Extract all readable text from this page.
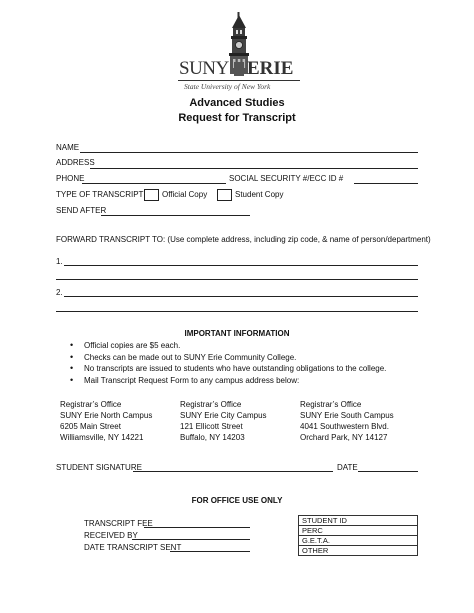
SUNY ERIE
State University of New York
Advanced Studies
Request for Transcript
NAME
ADDRESS
PHONE	SOCIAL SECURITY #/ECC ID #
TYPE OF TRANSCRIPT Official Copy	Student Copy
SEND AFTER
FORWARD TRANSCRIPT TO: (Use complete address, including zip code, & name of person/department)
1.
2.
IMPORTANT INFORMATION
• Official copies are $5 each.
• Checks can be made out to SUNY Erie Community College.
• No transcripts are issued to students who have outstanding obligations to the college.
• Mail Transcript Request Form to any campus address below:
Registrar’s Office
SUNY Erie North Campus
6205 Main Street
Williamsville, NY 14221
Registrar’s Office
SUNY Erie City Campus
121 Ellicott Street
Buffalo, NY 14203
Registrar’s Office
SUNY Erie South Campus
4041 Southwestern Blvd.
Orchard Park, NY 14127
STUDENT SIGNATURE	DATE
FOR OFFICE USE ONLY
TRANSCRIPT FEE
RECEIVED BY
DATE TRANSCRIPT SENT
STUDENT ID
PERC
G.E.T.A.
OTHER
